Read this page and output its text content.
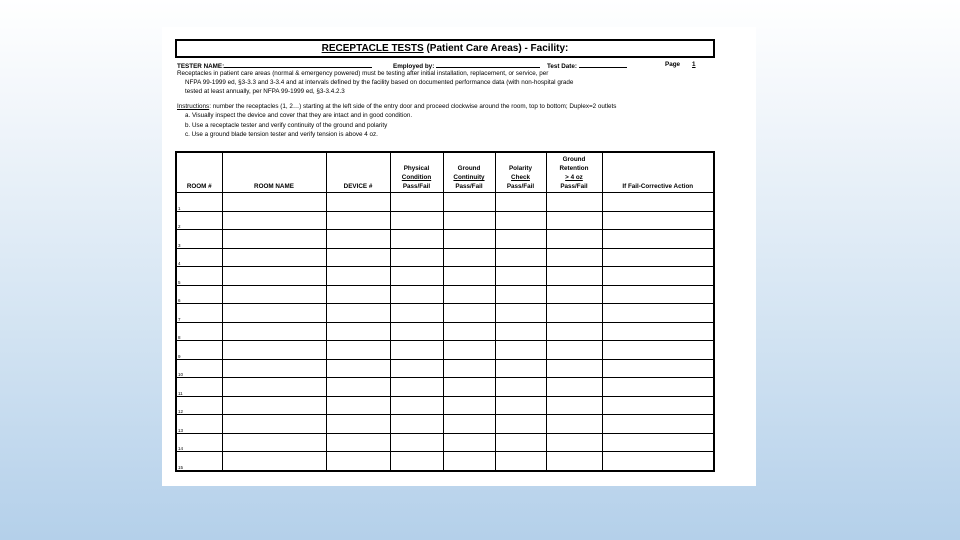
RECEPTACLE TESTS (Patient Care Areas) - Facility:
TESTER NAME:	Employed by:	Test Date:	Page 1
Receptacles in patient care areas (normal & emergency powered) must be testing after initial installation, replacement, or service, per
NFPA 99-1999 ed, §3-3.3 and 3-3.4 and at intervals defined by the facility based on documented performance data (with non-hospital grade
tested at least annually, per NFPA 99-1999 ed, §3-3.4.2.3
Instructions: number the receptacles (1, 2…) starting at the left side of the entry door and proceed clockwise around the room, top to bottom; Duplex=2 outlets
a. Visually inspect the device and cover that they are intact and in good condition.
b. Use a receptacle tester and verify continuity of the ground and polarity
c. Use a ground blade tension tester and verify tension is above 4 oz.
ROOM #	ROOM NAME	DEVICE #	Physical
Condition
Pass/Fail	Ground
Continuity
Pass/Fail	Polarity
Check
Pass/Fail	Ground
Retention
> 4 oz
Pass/Fail	If Fail-Corrective Action
1							
2							
3							
4							
5							
6							
7							
8							
9							
10							
11							
12							
13							
14							
15							
